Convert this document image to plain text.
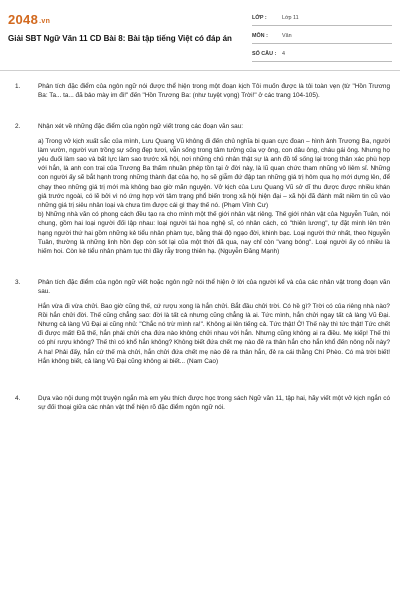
2048.vn
Giải SBT Ngữ Văn 11 CD Bài 8: Bài tập tiếng Việt có đáp án
LỚP :	Lớp 11
MÔN :	Văn
SỐ CÂU :	4
1.	Phân tích đặc điểm của ngôn ngữ nói được thể hiện trong một đoạn kịch Tôi muốn được là tôi toàn vẹn (từ "Hồn Trương Ba: Ta... ta... đã bảo mày im đi!" đến "Hồn Trương Ba: (như tuyệt vọng) Trời!" ở các trang 104-105).
2.	Nhận xét về những đặc điểm của ngôn ngữ viết trong các đoạn văn sau:
a) Trong vở kịch xuất sắc của mình, Lưu Quang Vũ không đi đến chủ nghĩa bi quan cực đoan – hình ảnh Trương Ba, người làm vườn, người vun trồng sự sống đẹp tươi, vẫn sống trong tâm tưởng của vợ ông, con dâu ông, cháu gái ông. Nhưng họ yêu đuối làm sao và bất lực làm sao trước xã hội, nơi những chủ nhân thật sự là anh đồ tể sống lại trong thân xác phù hợp với hắn, là anh con trai của Trương Ba thấm nhuần phép tồn tại ở đời này, là lũ quan chức tham nhũng vô liêm sỉ. Những con người ấy sẽ bắt hạnh trong những thành đạt của họ, họ sẽ giẫm đứ đập tan những giá trị hôm qua họ mới dựng lên, để chạy theo những giá trị mới mà không bao giờ mãn nguyện. Vở kịch của Lưu Quang Vũ sở dĩ thu được được nhiều khán giả trước ngoài, có lẽ bởi vì nó ứng hợp với tâm trạng phổ biến trong xã hội hiện đại – xã hội đã đánh mất niềm tin cũ vào những giá trị siêu nhân loại và chưa tìm được cái gì thay thế nó. (Phạm Vĩnh Cư)
b) Những nhà văn có phong cách đều tạo ra cho mình một thế giới nhân vật riêng. Thế giới nhân vật của Nguyễn Tuân, nói chung, gồm hai loại người đối lập nhau: loại người tài hoa nghệ sĩ, có nhân cách, có "thiên lương", tự đặt mình lên trên hạng người thứ hai gồm những kẻ tiểu nhân phàm tục, bằng thái độ ngạo đời, khinh bạc. Loại người thứ nhất, theo Nguyễn Tuân, thường là những linh hồn đẹp còn sót lại của một thời đã qua, nay chỉ còn "vang bóng". Loại người ấy có nhiều là hiếm hoi. Còn kẻ tiểu nhân phàm tục thì đầy rẫy trong thiên hạ. (Nguyễn Đăng Mạnh)
3.	Phân tích đặc điểm của ngôn ngữ viết hoặc ngôn ngữ nói thể hiện ở lời của người kể và của các nhân vật trong đoạn văn sau.
Hắn vừa đi vừa chửi. Bao giờ cũng thế, cứ rượu xong là hắn chửi. Bắt đầu chửi trời. Có hề gì? Trời có của riêng nhà nào? Rồi hắn chửi đời. Thế cũng chẳng sao: đời là tất cả nhưng cũng chẳng là ai. Tức mình, hắn chửi ngay tất cả làng Vũ Đại. Nhưng cả làng Vũ Đại ai cũng nhủ: "Chắc nó trừ mình ra!". Không ai lên tiếng cả. Tức thật! Ờ! Thế này thì tức thật! Tức chết đi được mất! Đã thế, hắn phải chửi cha đứa nào không chửi nhau với hắn. Nhưng cũng không ai ra điều. Mẹ kiếp! Thế thì có phí rượu không? Thế thì có khổ hắn không? Không biết đứa chết mẹ nào đẻ ra thân hắn cho hắn khổ đến nông nỗi này? A ha! Phải đấy, hắn cứ thế mà chửi, hắn chửi đứa chết mẹ nào đẻ ra thân hắn, đẻ ra cái thằng Chí Phèo. Có mà trời biết! Hắn không biết, cả làng Vũ Đại cũng không ai biết... (Nam Cao)
4.	Dựa vào nội dung một truyện ngắn mà em yêu thích được học trong sách Ngữ văn 11, tập hai, hãy viết một vở kịch ngắn có sự đối thoại giữa các nhân vật thể hiện rõ đặc điểm ngôn ngữ nói.
